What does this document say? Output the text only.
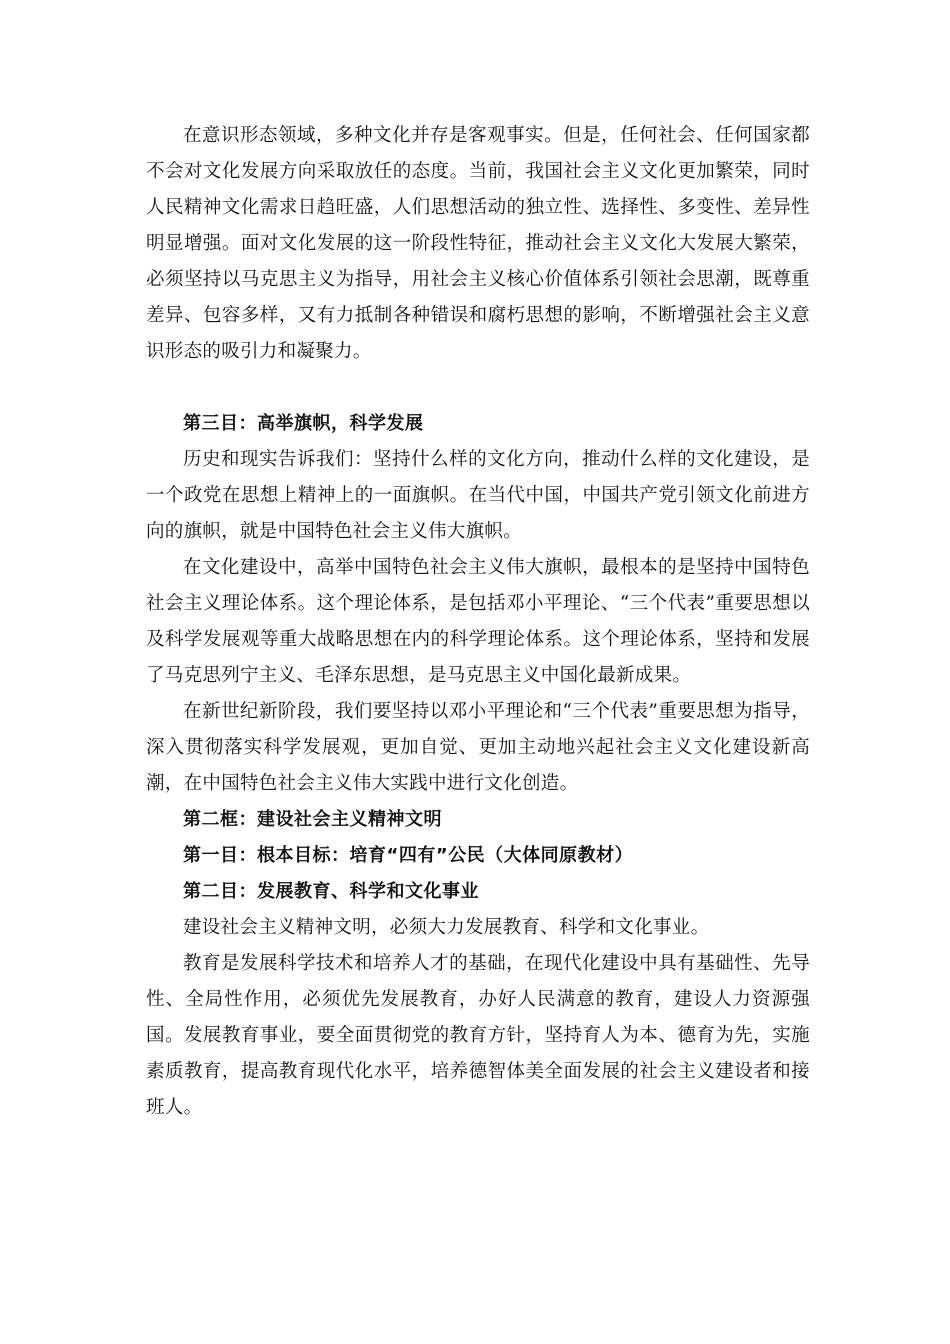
在意识形态领域，多种文化并存是客观事实。但是，任何社会、任何国家都不会对文化发展方向采取放任的态度。当前，我国社会主义文化更加繁荣，同时人民精神文化需求日趋旺盛，人们思想活动的独立性、选择性、多变性、差异性明显增强。面对文化发展的这一阶段性特征，推动社会主义文化大发展大繁荣，必须坚持以马克思主义为指导，用社会主义核心价值体系引领社会思潮，既尊重差异、包容多样，又有力抵制各种错误和腐朽思想的影响，不断增强社会主义意识形态的吸引力和凝聚力。

第三目：高举旗帜，科学发展

历史和现实告诉我们：坚持什么样的文化方向，推动什么样的文化建设，是一个政党在思想上精神上的一面旗帜。在当代中国，中国共产党引领文化前进方向的旗帜，就是中国特色社会主义伟大旗帜。

在文化建设中，高举中国特色社会主义伟大旗帜，最根本的是坚持中国特色社会主义理论体系。这个理论体系，是包括邓小平理论、“三个代表”重要思想以及科学发展观等重大战略思想在内的科学理论体系。这个理论体系，坚持和发展了马克思列宁主义、毛泽东思想，是马克思主义中国化最新成果。

在新世纪新阶段，我们要坚持以邓小平理论和“三个代表”重要思想为指导，深入贯彻落实科学发展观，更加自觉、更加主动地兴起社会主义文化建设新高潮，在中国特色社会主义伟大实践中进行文化创造。

第二框：建设社会主义精神文明

第一目：根本目标：培育“四有”公民（大体同原教材）

第二目：发展教育、科学和文化事业

建设社会主义精神文明，必须大力发展教育、科学和文化事业。

教育是发展科学技术和培养人才的基础，在现代化建设中具有基础性、先导性、全局性作用，必须优先发展教育，办好人民满意的教育，建设人力资源强国。发展教育事业，要全面贯彻党的教育方针，坚持育人为本、德育为先，实施素质教育，提高教育现代化水平，培养德智体美全面发展的社会主义建设者和接班人。
